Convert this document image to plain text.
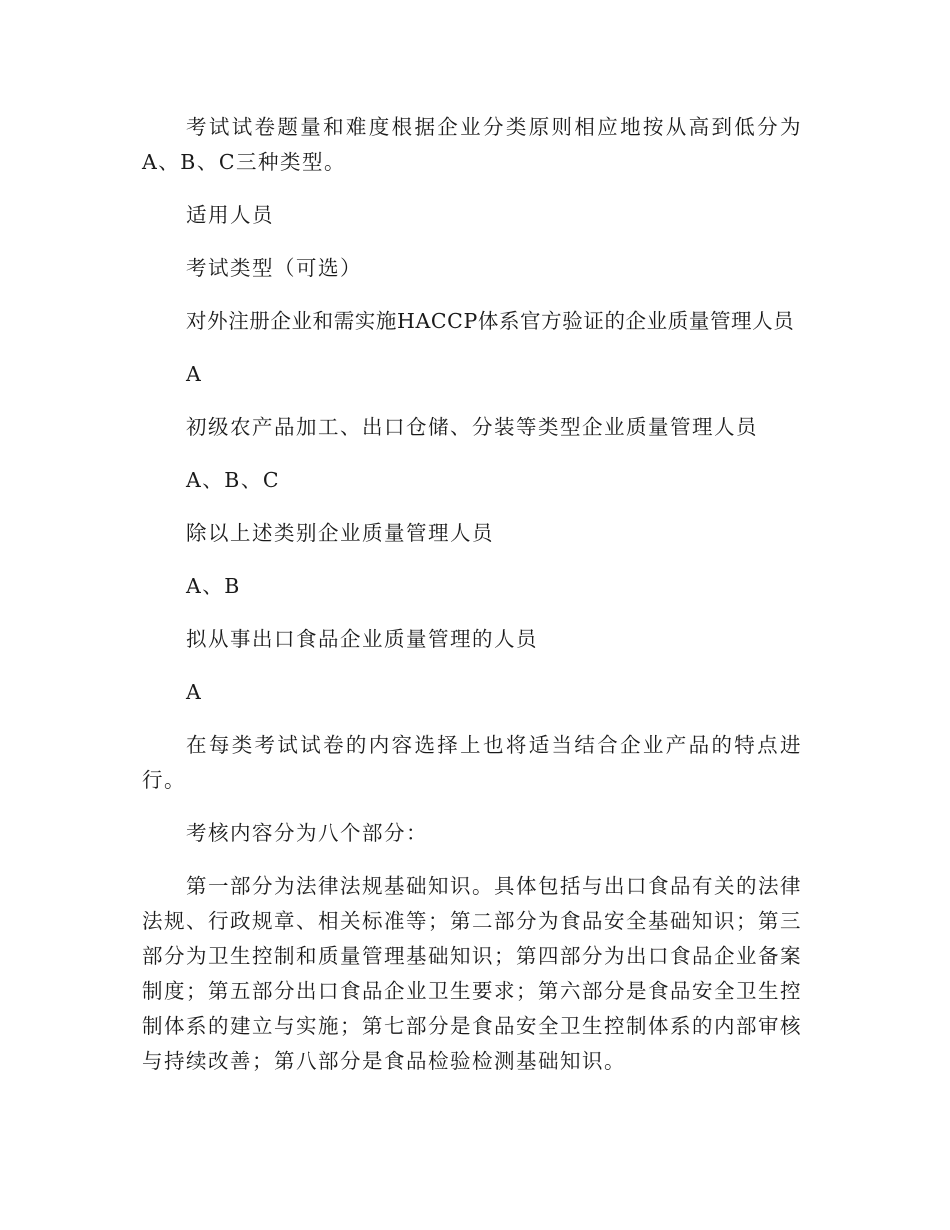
考试试卷题量和难度根据企业分类原则相应地按从高到低分为A、B、C三种类型。

适用人员

考试类型（可选）

对外注册企业和需实施HACCP体系官方验证的企业质量管理人员

A

初级农产品加工、出口仓储、分装等类型企业质量管理人员

A、B、C

除以上述类别企业质量管理人员

A、B

拟从事出口食品企业质量管理的人员

A

在每类考试试卷的内容选择上也将适当结合企业产品的特点进行。

考核内容分为八个部分：

第一部分为法律法规基础知识。具体包括与出口食品有关的法律法规、行政规章、相关标准等；第二部分为食品安全基础知识；第三部分为卫生控制和质量管理基础知识；第四部分为出口食品企业备案制度；第五部分出口食品企业卫生要求；第六部分是食品安全卫生控制体系的建立与实施；第七部分是食品安全卫生控制体系的内部审核与持续改善；第八部分是食品检验检测基础知识。
